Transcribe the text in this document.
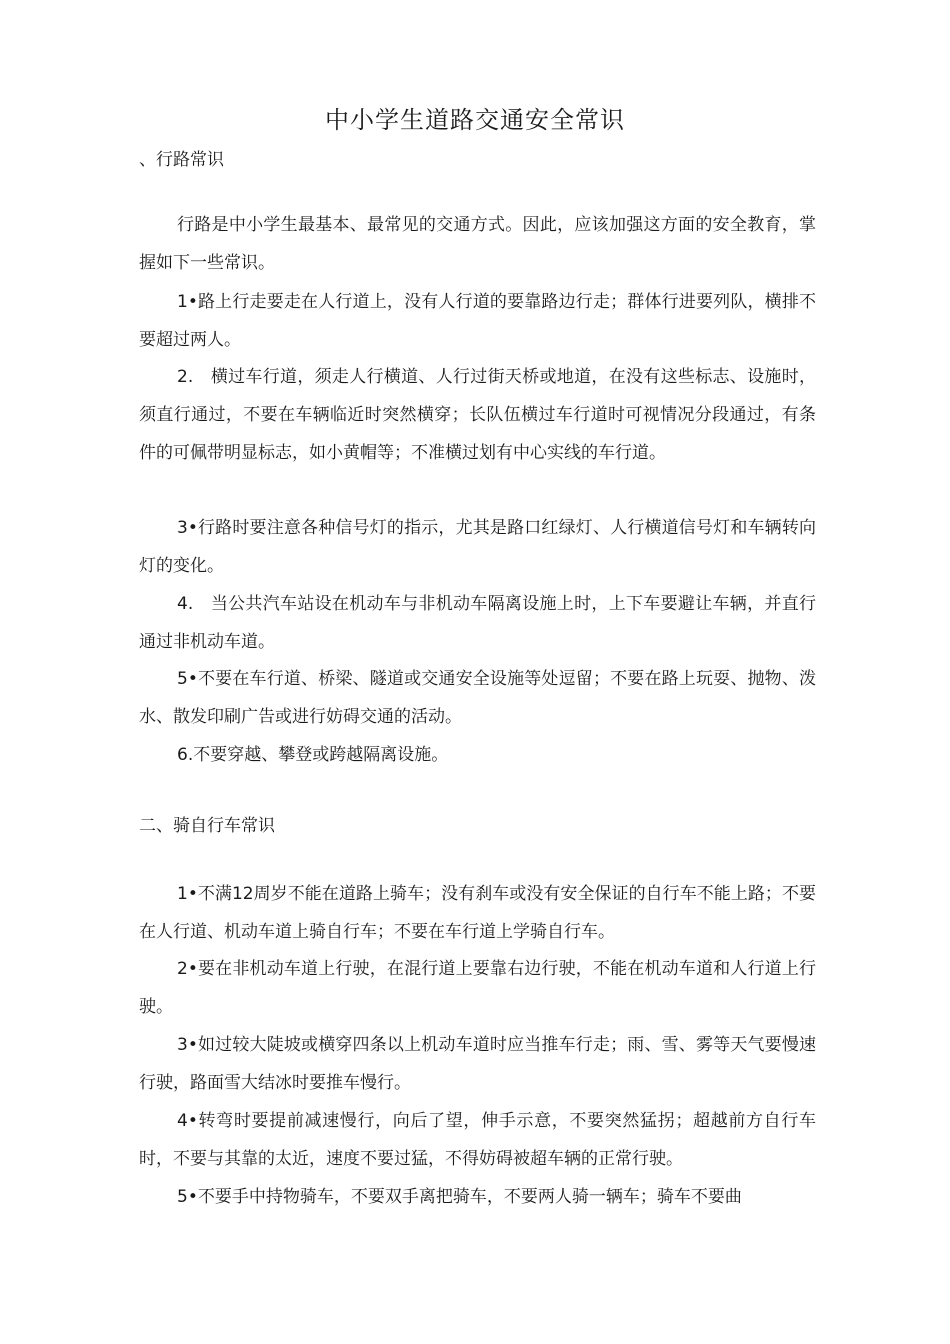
中小学生道路交通安全常识
、行路常识

行路是中小学生最基本、最常见的交通方式。因此，应该加强这方面的安全教育，掌握如下一些常识。

1•路上行走要走在人行道上，没有人行道的要靠路边行走；群体行进要列队，横排不要超过两人。

2.　横过车行道，须走人行横道、人行过街天桥或地道，在没有这些标志、设施时，须直行通过，不要在车辆临近时突然横穿；长队伍横过车行道时可视情况分段通过，有条件的可佩带明显标志，如小黄帽等；不准横过划有中心实线的车行道。

3•行路时要注意各种信号灯的指示，尤其是路口红绿灯、人行横道信号灯和车辆转向灯的变化。

4.　当公共汽车站设在机动车与非机动车隔离设施上时，上下车要避让车辆，并直行通过非机动车道。

5•不要在车行道、桥梁、隧道或交通安全设施等处逗留；不要在路上玩耍、抛物、泼水、散发印刷广告或进行妨碍交通的活动。

6.不要穿越、攀登或跨越隔离设施。

二、骑自行车常识

1•不满12周岁不能在道路上骑车；没有刹车或没有安全保证的自行车不能上路；不要在人行道、机动车道上骑自行车；不要在车行道上学骑自行车。

2•要在非机动车道上行驶，在混行道上要靠右边行驶，不能在机动车道和人行道上行驶。

3•如过较大陡坡或横穿四条以上机动车道时应当推车行走；雨、雪、雾等天气要慢速行驶，路面雪大结冰时要推车慢行。

4•转弯时要提前减速慢行，向后了望，伸手示意，不要突然猛拐；超越前方自行车时，不要与其靠的太近，速度不要过猛，不得妨碍被超车辆的正常行驶。

5•不要手中持物骑车，不要双手离把骑车，不要两人骑一辆车；骑车不要曲
